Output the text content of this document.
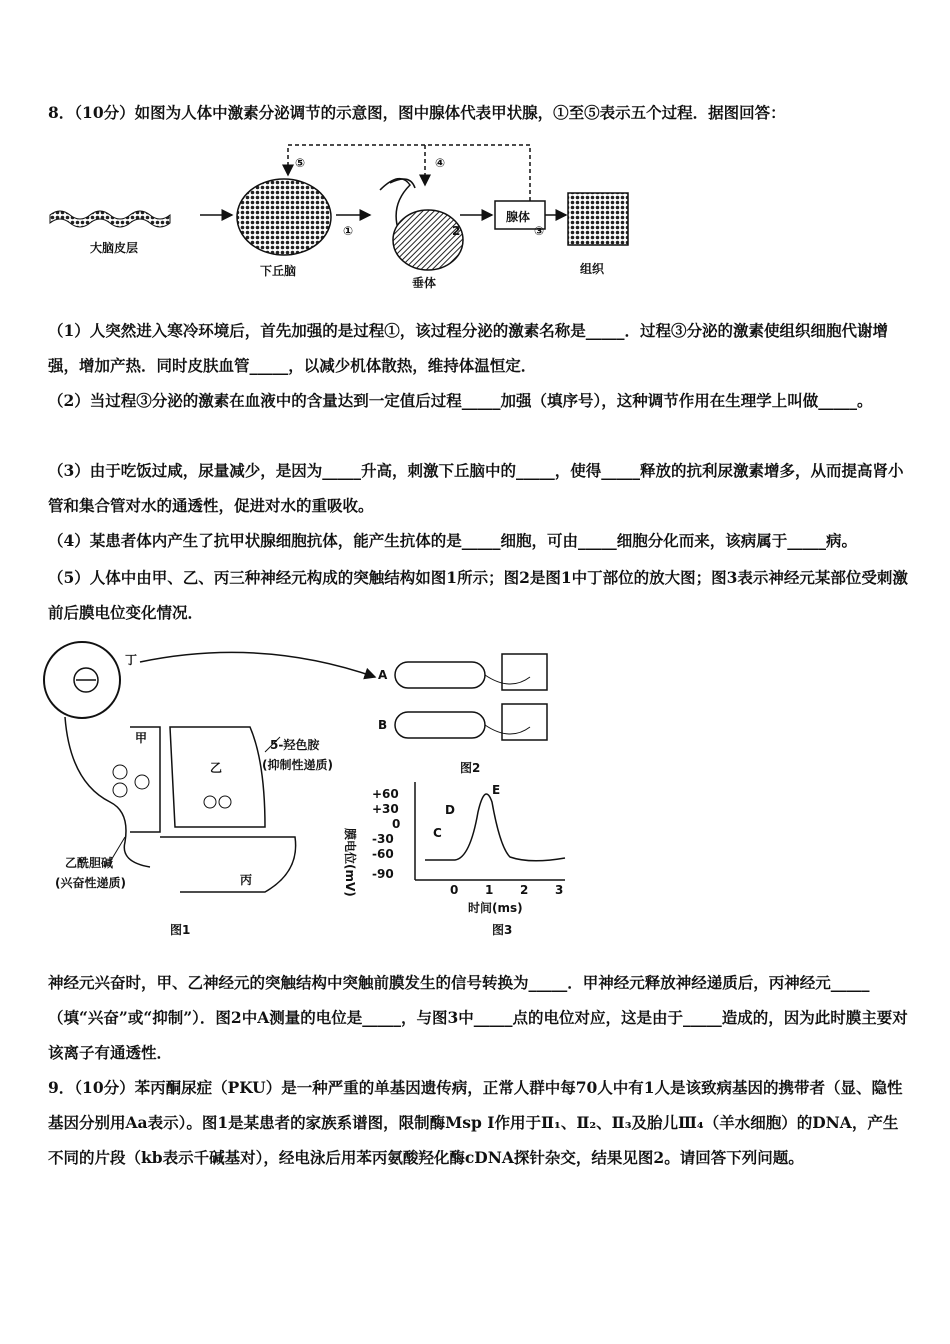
8．（10分）如图为人体中激素分泌调节的示意图，图中腺体代表甲状腺，①至⑤表示五个过程．据图回答：
大脑皮层
下丘脑
①
垂体
2
腺体
③
组织
⑤	④
（1）人突然进入寒冷环境后，首先加强的是过程①，该过程分泌的激素名称是_____．过程③分泌的激素使组织细胞代谢增强，增加产热．同时皮肤血管_____，以减少机体散热，维持体温恒定．
（2）当过程③分泌的激素在血液中的含量达到一定值后过程_____加强（填序号），这种调节作用在生理学上叫做_____。
（3）由于吃饭过咸，尿量减少，是因为_____升高，刺激下丘脑中的_____，使得_____释放的抗利尿激素增多，从而提高肾小管和集合管对水的通透性，促进对水的重吸收。
（4）某患者体内产生了抗甲状腺细胞抗体，能产生抗体的是_____细胞，可由_____细胞分化而来，该病属于_____病。
（5）人体中由甲、乙、丙三种神经元构成的突触结构如图1所示；图2是图1中丁部位的放大图；图3表示神经元某部位受刺激前后膜电位变化情况．
丁
甲
乙
5-羟色胺
(抑制性递质)
丙
乙酰胆碱
(兴奋性递质)
图1
A
B
图2
膜电位(mV)
+60
+30
0
-30
-60
-90
C
D
E
0 1 2 3
时间(ms)
图3
神经元兴奋时，甲、乙神经元的突触结构中突触前膜发生的信号转换为_____．甲神经元释放神经递质后，丙神经元_____（填“兴奋”或“抑制”）．图2中A测量的电位是_____，与图3中_____点的电位对应，这是由于_____造成的，因为此时膜主要对该离子有通透性．
9．（10分）苯丙酮尿症（PKU）是一种严重的单基因遗传病，正常人群中每70人中有1人是该致病基因的携带者（显、隐性基因分别用Aa表示）。图1是某患者的家族系谱图，限制酶Msp I作用于Ⅱ₁、Ⅱ₂、Ⅱ₃及胎儿Ⅲ₄（羊水细胞）的DNA，产生不同的片段（kb表示千碱基对），经电泳后用苯丙氨酸羟化酶cDNA探针杂交，结果见图2。请回答下列问题。
